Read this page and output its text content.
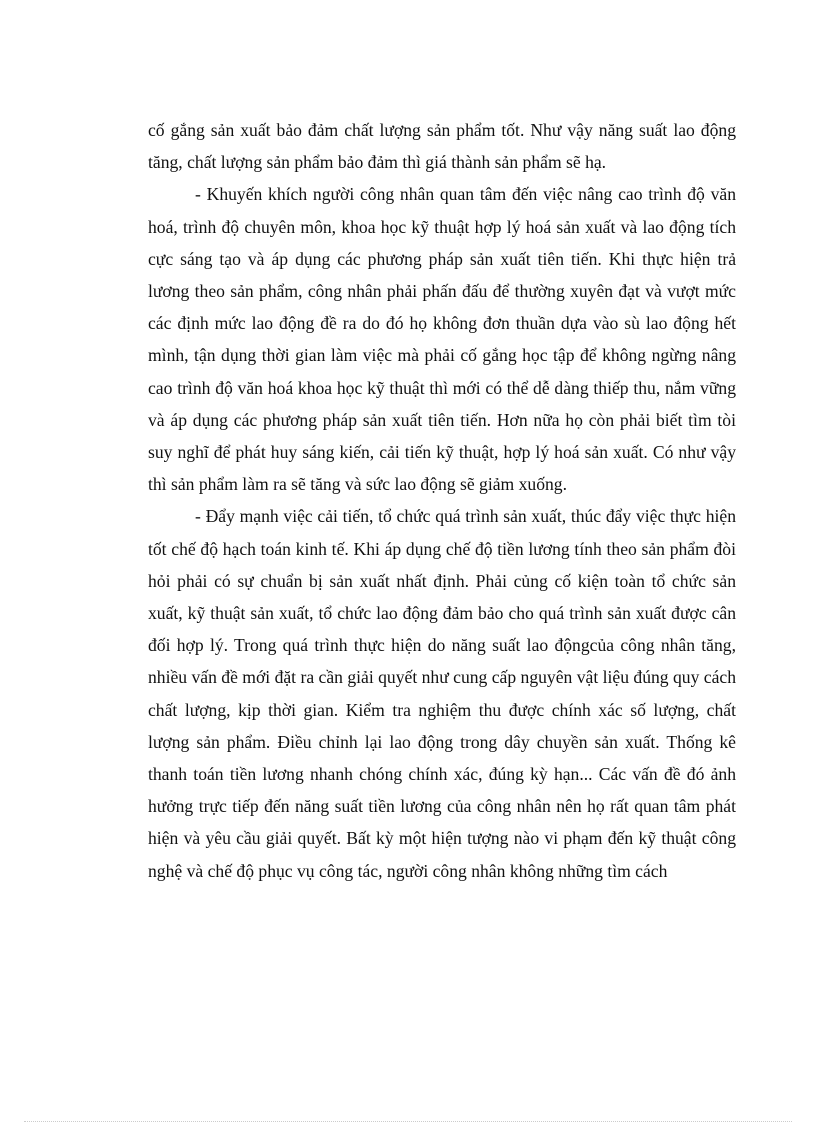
cố gắng sản xuất bảo đảm chất lượng sản phẩm tốt. Như vậy năng suất lao động tăng, chất lượng sản phẩm bảo đảm thì giá thành sản phẩm sẽ hạ.

- Khuyến khích người công nhân quan tâm đến việc nâng cao trình độ văn hoá, trình độ chuyên môn, khoa học kỹ thuật hợp lý hoá sản xuất và lao động tích cực sáng tạo và áp dụng các phương pháp sản xuất tiên tiến. Khi thực hiện trả lương theo sản phẩm, công nhân phải phấn đấu để thường xuyên đạt và vượt mức các định mức lao động đề ra do đó họ không đơn thuần dựa vào sù lao động hết mình, tận dụng thời gian làm việc mà phải cố gắng học tập để không ngừng nâng cao trình độ văn hoá khoa học kỹ thuật thì mới có thể dễ dàng thiếp thu, nắm vững và áp dụng các phương pháp sản xuất tiên tiến. Hơn nữa họ còn phải biết tìm tòi suy nghĩ để phát huy sáng kiến, cải tiến kỹ thuật, hợp lý hoá sản xuất. Có như vậy thì sản phẩm làm ra sẽ tăng và sức lao động sẽ giảm xuống.

- Đẩy mạnh việc cải tiến, tổ chức quá trình sản xuất, thúc đẩy việc thực hiện tốt chế độ hạch toán kinh tế. Khi áp dụng chế độ tiền lương tính theo sản phẩm đòi hỏi phải có sự chuẩn bị sản xuất nhất định. Phải củng cố kiện toàn tổ chức sản xuất, kỹ thuật sản xuất, tổ chức lao động đảm bảo cho quá trình sản xuất được cân đối hợp lý. Trong quá trình thực hiện do năng suất lao độngcủa công nhân tăng, nhiều vấn đề mới đặt ra cần giải quyết như cung cấp nguyên vật liệu đúng quy cách chất lượng, kịp thời gian. Kiểm tra nghiệm thu được chính xác số lượng, chất lượng sản phẩm. Điều chỉnh lại lao động trong dây chuyền sản xuất. Thống kê thanh toán tiền lương nhanh chóng chính xác, đúng kỳ hạn... Các vấn đề đó ảnh hưởng trực tiếp đến năng suất tiền lương của công nhân nên họ rất quan tâm phát hiện và yêu cầu giải quyết. Bất kỳ một hiện tượng nào vi phạm đến kỹ thuật công nghệ và chế độ phục vụ công tác, người công nhân không những tìm cách
